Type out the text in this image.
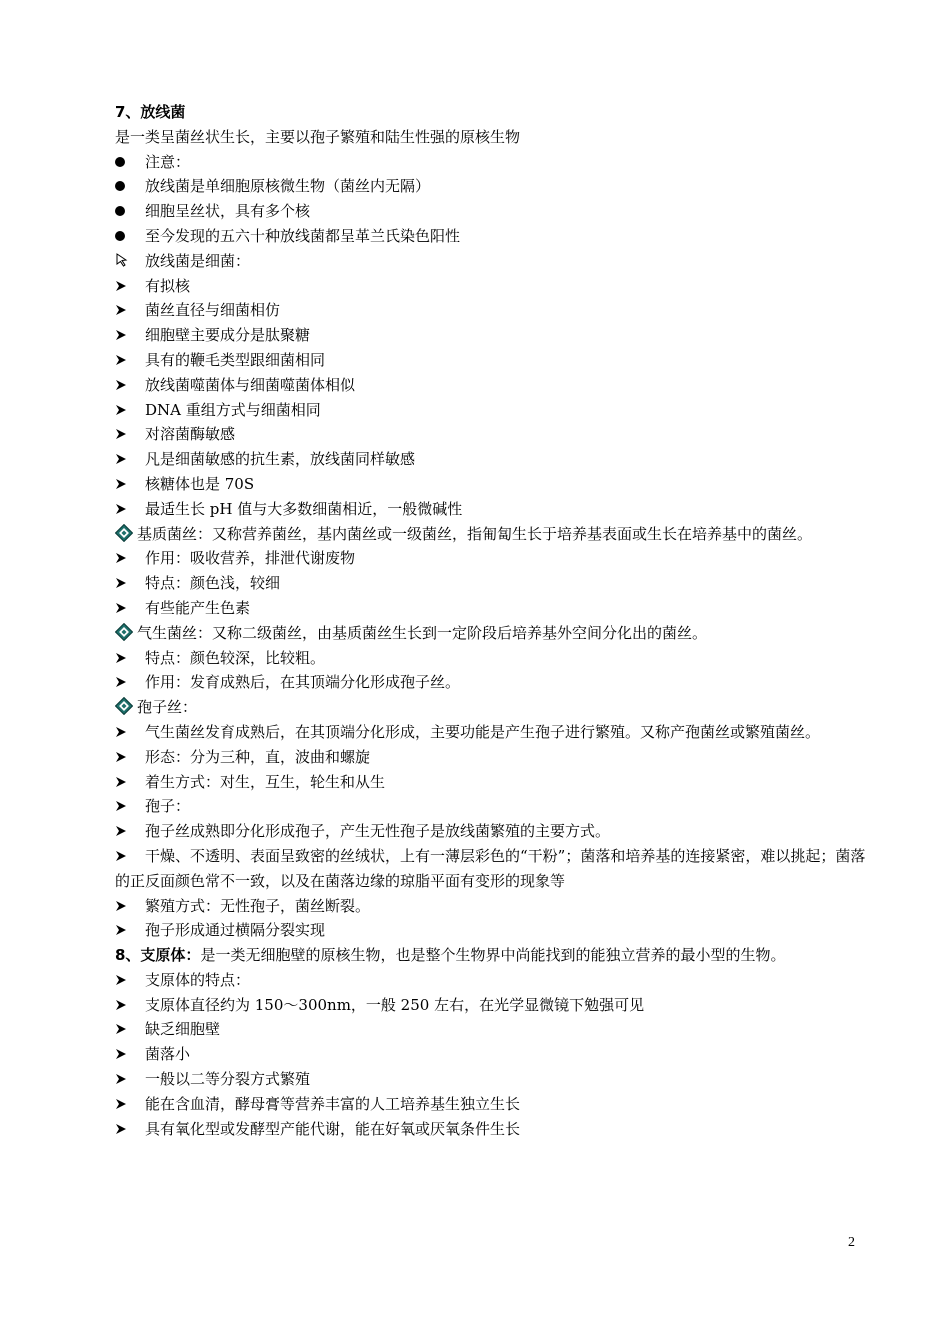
7、放线菌
是一类呈菌丝状生长，主要以孢子繁殖和陆生性强的原核生物
注意：
放线菌是单细胞原核微生物（菌丝内无隔）
细胞呈丝状，具有多个核
至今发现的五六十种放线菌都呈革兰氏染色阳性
放线菌是细菌：
有拟核
菌丝直径与细菌相仿
细胞壁主要成分是肽聚糖
具有的鞭毛类型跟细菌相同
放线菌噬菌体与细菌噬菌体相似
DNA 重组方式与细菌相同
对溶菌酶敏感
凡是细菌敏感的抗生素，放线菌同样敏感
核糖体也是 70S
最适生长 pH 值与大多数细菌相近，一般微碱性
基质菌丝：又称营养菌丝，基内菌丝或一级菌丝，指匍匐生长于培养基表面或生长在培养基中的菌丝。
作用：吸收营养，排泄代谢废物
特点：颜色浅，较细
有些能产生色素
气生菌丝：又称二级菌丝，由基质菌丝生长到一定阶段后培养基外空间分化出的菌丝。
特点：颜色较深，比较粗。
作用：发育成熟后，在其顶端分化形成孢子丝。
孢子丝：
气生菌丝发育成熟后，在其顶端分化形成，主要功能是产生孢子进行繁殖。又称产孢菌丝或繁殖菌丝。
形态：分为三种，直，波曲和螺旋
着生方式：对生，互生，轮生和从生
孢子：
孢子丝成熟即分化形成孢子，产生无性孢子是放线菌繁殖的主要方式。
干燥、不透明、表面呈致密的丝绒状，上有一薄层彩色的“干粉”；菌落和培养基的连接紧密，难以挑起；菌落的正反面颜色常不一致，以及在菌落边缘的琼脂平面有变形的现象等
繁殖方式：无性孢子，菌丝断裂。
孢子形成通过横隔分裂实现
8、支原体：是一类无细胞壁的原核生物，也是整个生物界中尚能找到的能独立营养的最小型的生物。
支原体的特点：
支原体直径约为 150～300nm，一般 250 左右，在光学显微镜下勉强可见
缺乏细胞壁
菌落小
一般以二等分裂方式繁殖
能在含血清，酵母膏等营养丰富的人工培养基生独立生长
具有氧化型或发酵型产能代谢，能在好氧或厌氧条件生长
2
